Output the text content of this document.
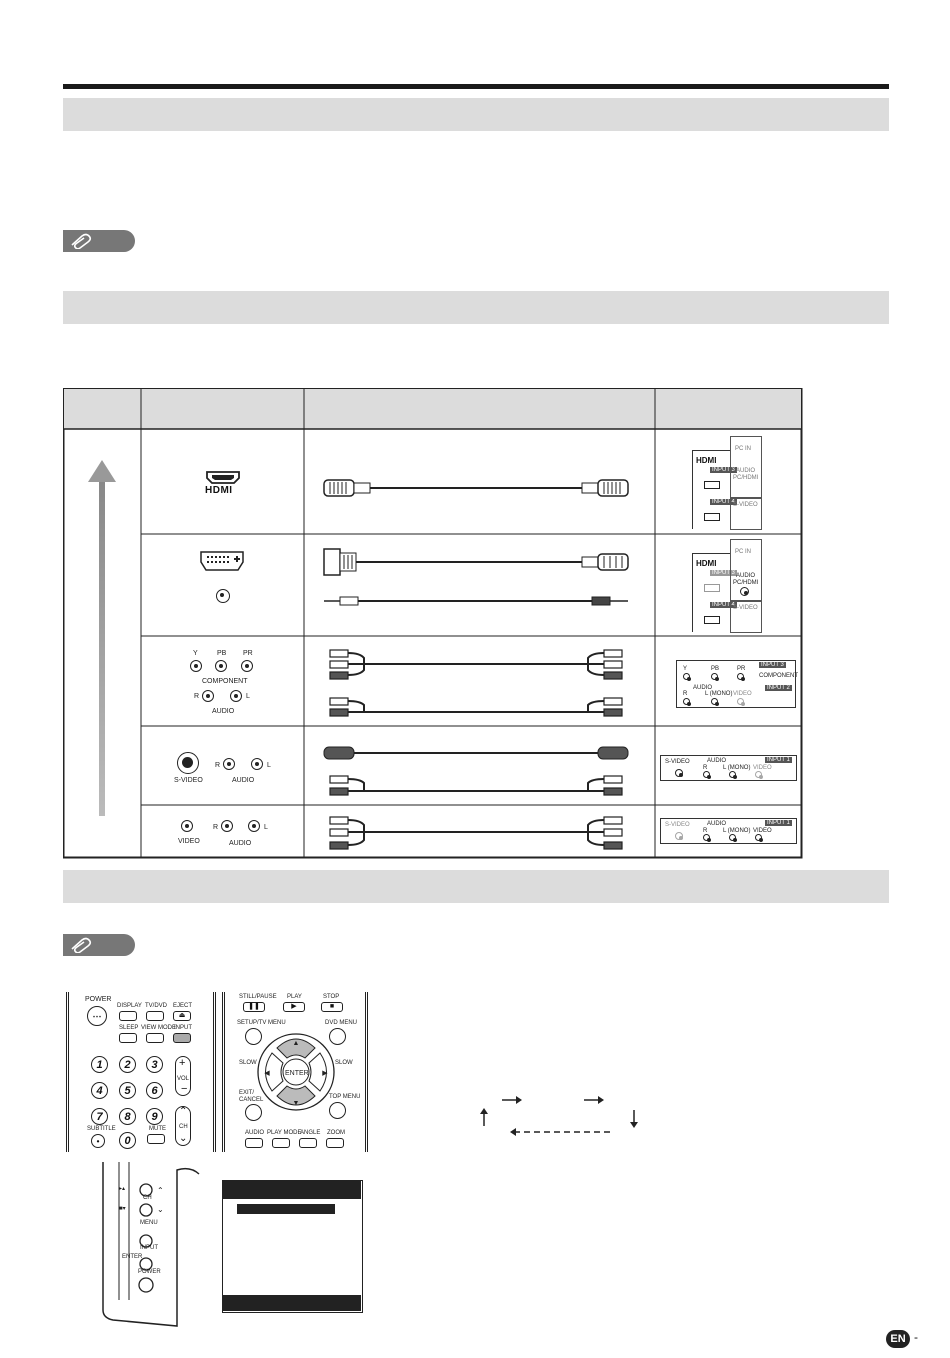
HDMI
HDMI
INPUT 3
INPUT 4
PC IN
AUDIO
PC/HDMI
S-VIDEO
HDMI
INPUT 3
INPUT 4
PC IN
AUDIO
PC/HDMI
S-VIDEO
Y	PB PR
COMPONENT
R	L
AUDIO
Y	PB	PR
INPUT 3
COMPONENT
AUDIO	INPUT 2
R	L (MONO) VIDEO
R	L
S-VIDEO	AUDIO
S-VIDEO	AUDIO	INPUT 1
R	L (MONO) VIDEO
R	L
VIDEO	AUDIO
S-VIDEO	AUDIO	INPUT 1
R	L (MONO) VIDEO
POWER
⋯
DISPLAY TV/DVD EJECT
⏏
SLEEP VIEW MODE
INPUT
1	2	3
4	5	6
7	8	9
0
+
−
VOL
⌃
⌄
CH
SUBTITLE
•
MUTE
STILL/PAUSE
❚❚
PLAY
▶
STOP
■
SETUP/TV MENU	DVD MENU
▲
▼
◀	▶
ENTER
SLOW	SLOW
EXIT/ CANCEL	TOP MENU
AUDIO PLAY MODE
ANGLE ZOOM
⌃
⌄
▸▴
■▾
CH
MENU
INPUT
ENTER
POWER
EN -
